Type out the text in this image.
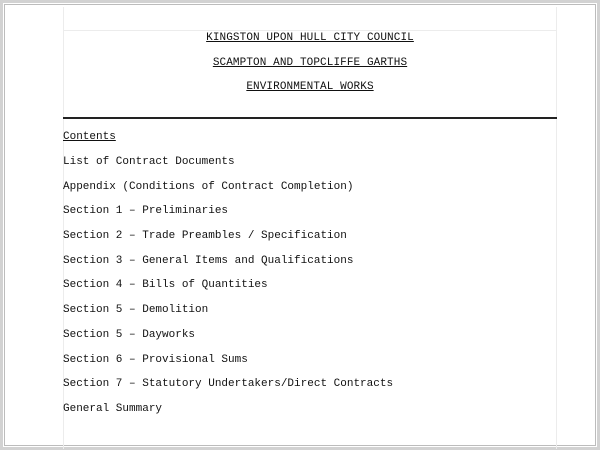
KINGSTON UPON HULL CITY COUNCIL
SCAMPTON AND TOPCLIFFE GARTHS
ENVIRONMENTAL WORKS
Contents
List of Contract Documents
Appendix (Conditions of Contract Completion)
Section 1 – Preliminaries
Section 2 – Trade Preambles / Specification
Section 3 – General Items and Qualifications
Section 4 – Bills of Quantities
Section 5 – Demolition
Section 5 – Dayworks
Section 6 – Provisional Sums
Section 7 – Statutory Undertakers/Direct Contracts
General Summary
